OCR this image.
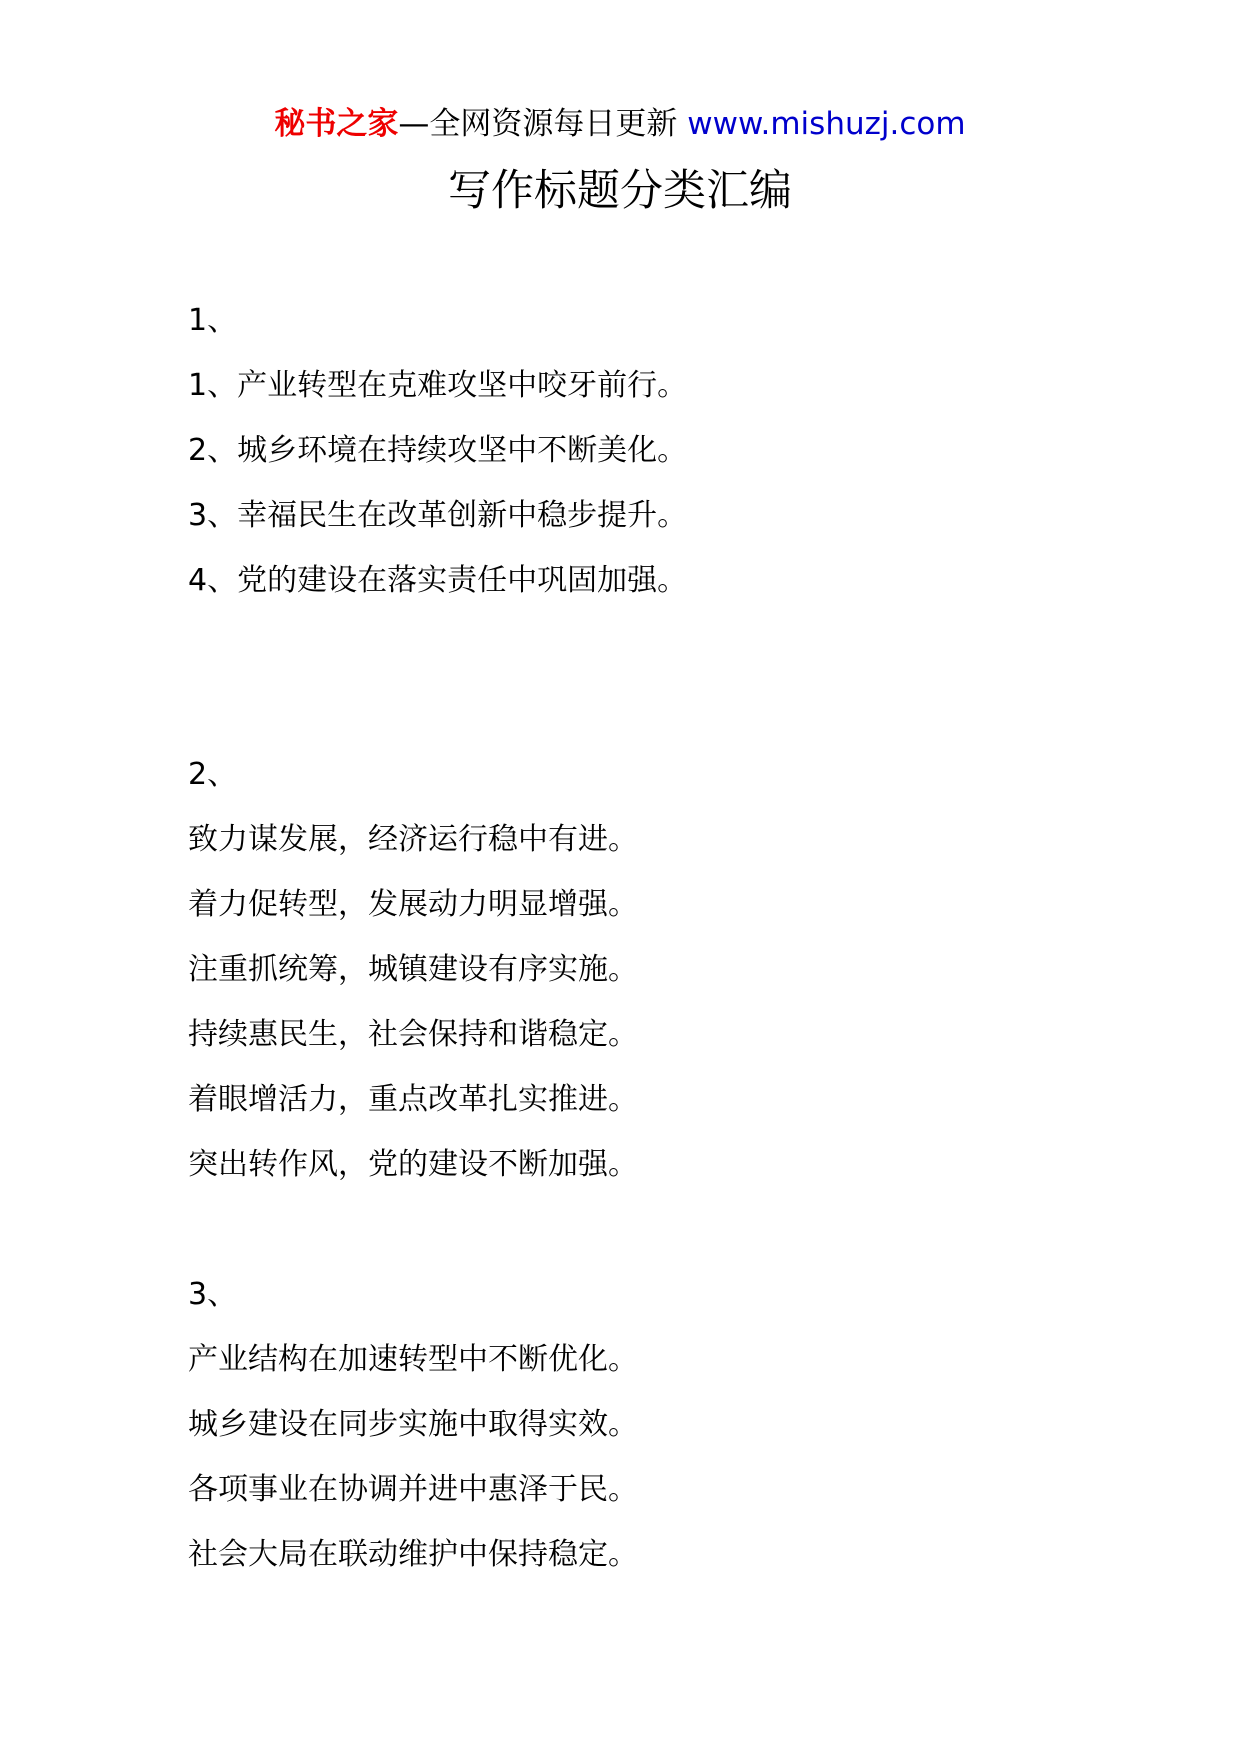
秘书之家—全网资源每日更新 www.mishuzj.com
写作标题分类汇编
1、
1、产业转型在克难攻坚中咬牙前行。
2、城乡环境在持续攻坚中不断美化。
3、幸福民生在改革创新中稳步提升。
4、党的建设在落实责任中巩固加强。
2、
致力谋发展，经济运行稳中有进。
着力促转型，发展动力明显增强。
注重抓统筹，城镇建设有序实施。
持续惠民生，社会保持和谐稳定。
着眼增活力，重点改革扎实推进。
突出转作风，党的建设不断加强。
3、
产业结构在加速转型中不断优化。
城乡建设在同步实施中取得实效。
各项事业在协调并进中惠泽于民。
社会大局在联动维护中保持稳定。
